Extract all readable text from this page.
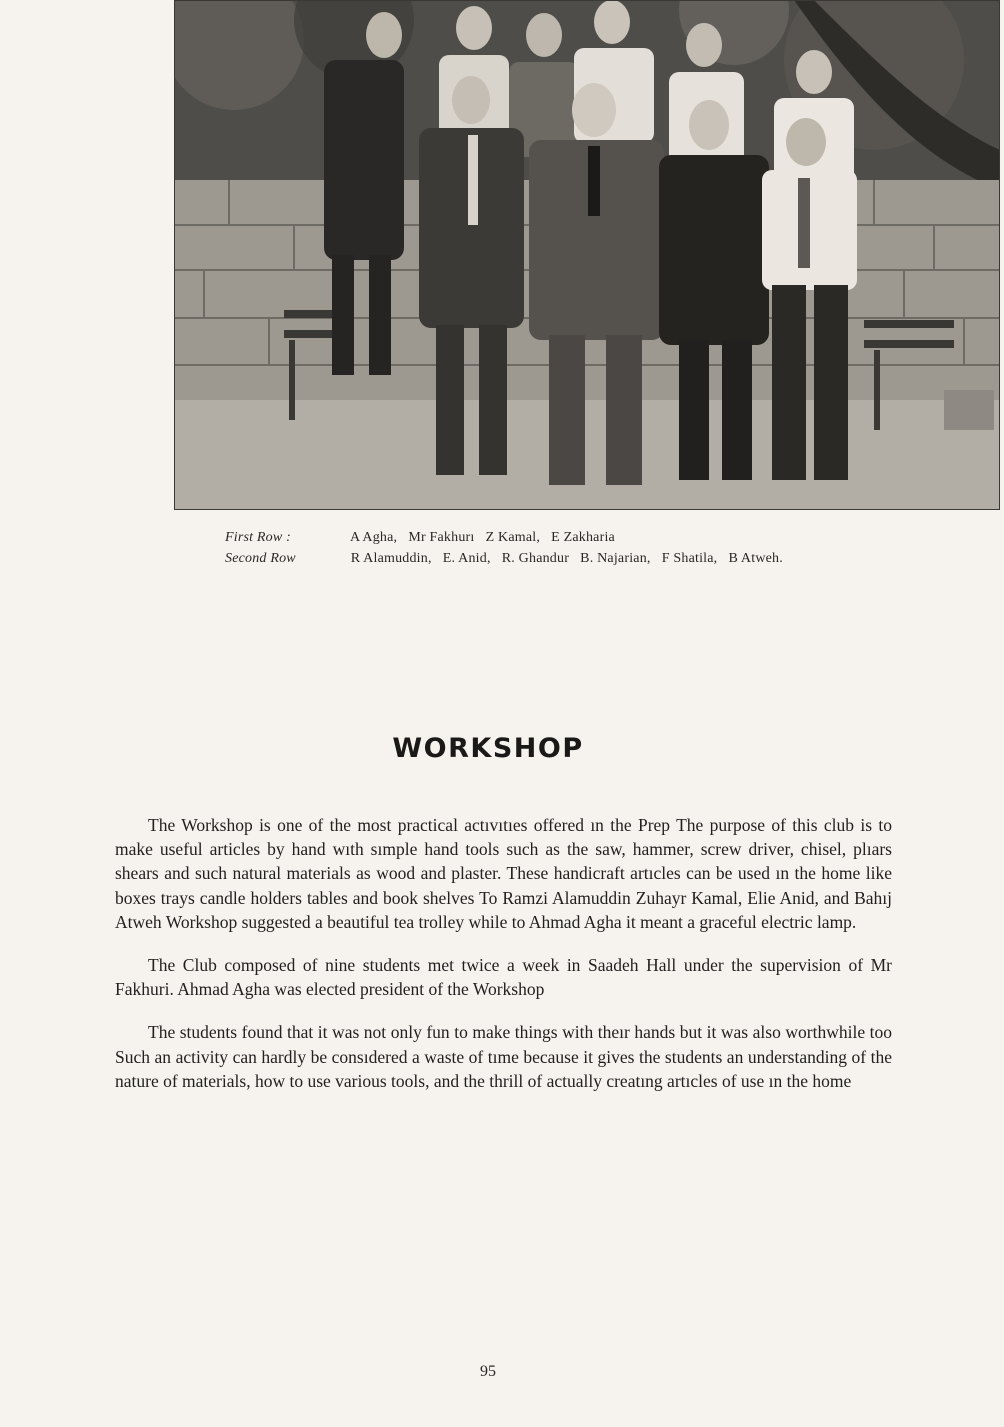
First Row :	A Agha,   Mr Fakhurı   Z Kamal,   E Zakharia
Second Row	R Alamuddin,   E. Anid,   R. Ghandur   B. Najarian,   F Shatila,   B Atweh.
WORKSHOP

The Workshop is one of the most practical actıvıtıes offered ın the Prep The purpose of this club is to make useful articles by hand wıth sımple hand tools such as the saw, hammer, screw driver, chisel, plıars shears and such natural materials as wood and plaster. These handicraft artıcles can be used ın the home like boxes trays candle holders tables and book shelves To Ramzi Alamuddin Zuhayr Kamal, Elie Anid, and Bahıj Atweh Workshop suggested a beautiful tea trolley while to Ahmad Agha it meant a graceful electric lamp.

The Club composed of nine students met twice a week in Saadeh Hall under the supervision of Mr Fakhuri. Ahmad Agha was elected president of the Workshop

The students found that it was not only fun to make things with theır hands but it was also worthwhile too Such an activity can hardly be consıdered a waste of tıme because it gives the students an understanding of the nature of materials, how to use various tools, and the thrill of actually creatıng artıcles of use ın the home

95
